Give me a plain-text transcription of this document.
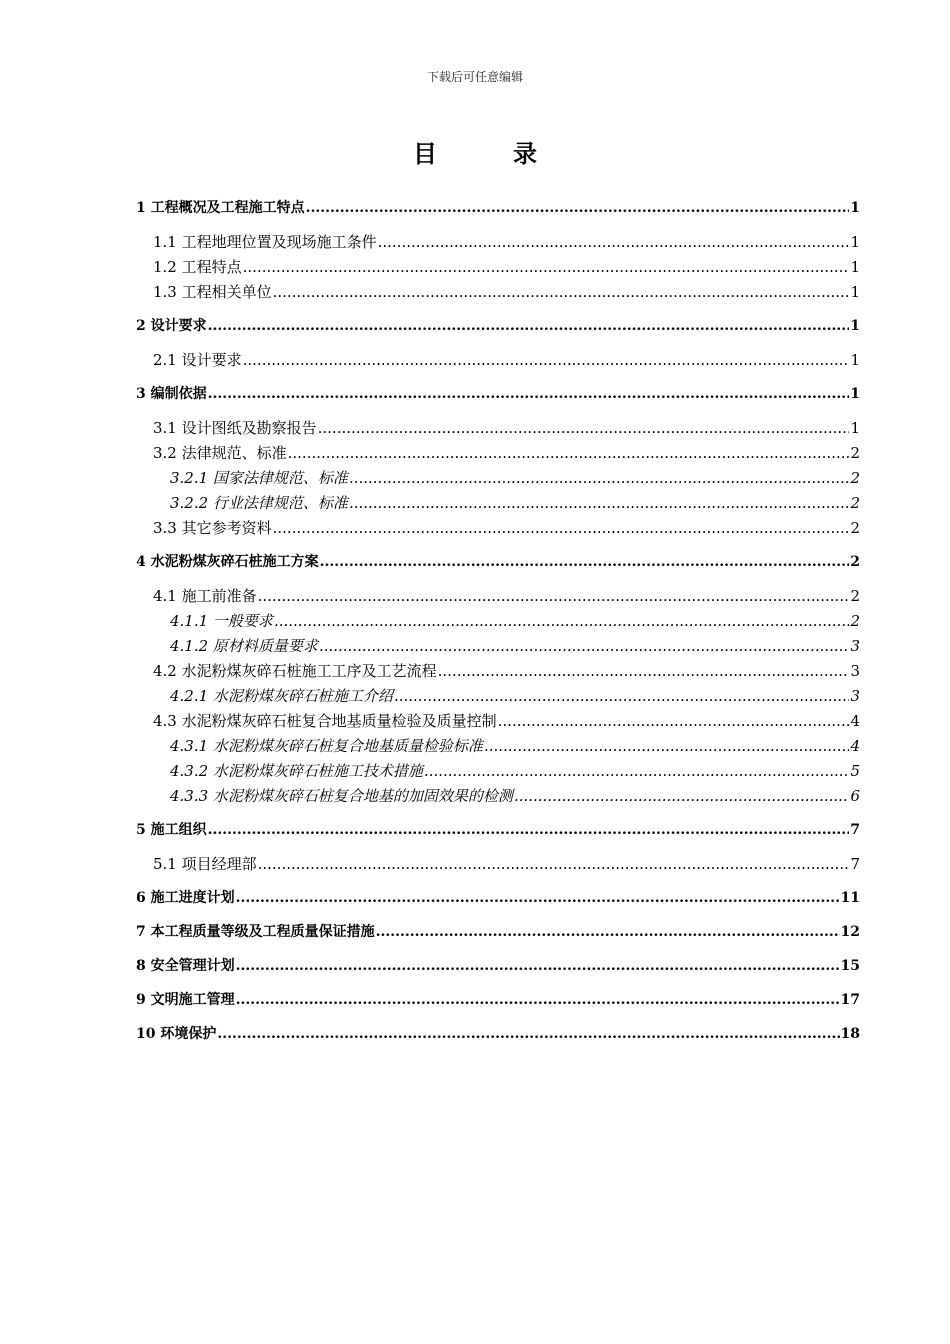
下载后可任意编辑
目	录
1 工程概况及工程施工特点 .....	1
1.1 工程地理位置及现场施工条件 .....	1
1.2 工程特点 .....	1
1.3 工程相关单位 .....	1
2 设计要求 .....	1
2.1 设计要求 .....	1
3 编制依据 .....	1
3.1 设计图纸及勘察报告 .....	1
3.2 法律规范、标准 .....	2
3.2.1 国家法律规范、标准 .....	2
3.2.2 行业法律规范、标准 .....	2
3.3 其它参考资料 .....	2
4 水泥粉煤灰碎石桩施工方案 .....	2
4.1 施工前准备 .....	2
4.1.1 一般要求 .....	2
4.1.2 原材料质量要求 .....	3
4.2 水泥粉煤灰碎石桩施工工序及工艺流程 .....	3
4.2.1 水泥粉煤灰碎石桩施工介绍 .....	3
4.3 水泥粉煤灰碎石桩复合地基质量检验及质量控制 .....	4
4.3.1 水泥粉煤灰碎石桩复合地基质量检验标准 .....	4
4.3.2 水泥粉煤灰碎石桩施工技术措施 .....	5
4.3.3 水泥粉煤灰碎石桩复合地基的加固效果的检测 .....	6
5 施工组织 .....	7
5.1 项目经理部 .....	7
6 施工进度计划 .....	11
7 本工程质量等级及工程质量保证措施 .....	12
8 安全管理计划 .....	15
9 文明施工管理 .....	17
10 环境保护 .....	18
